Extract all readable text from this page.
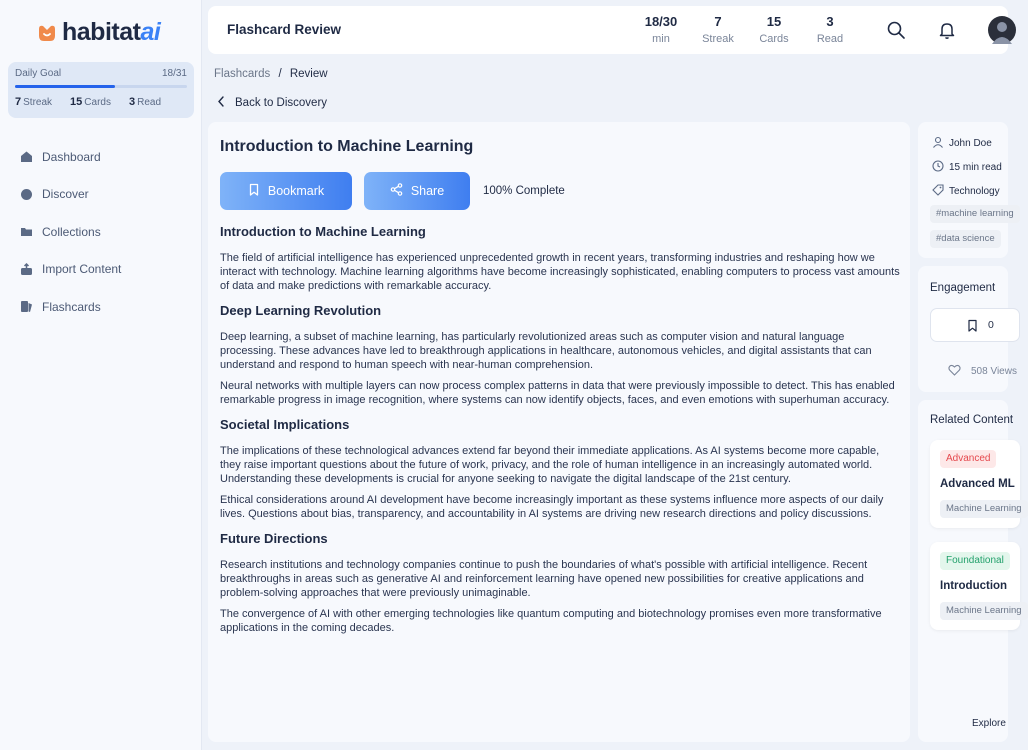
habitatai
Daily Goal	18/31
7 Streak 15 Cards 3 Read
Dashboard
Discover
Collections
Import Content
Flashcards
Flashcard Review
18/30
min
7
Streak
15
Cards
3
Read
Flashcards / Review
Back to Discovery
Introduction to Machine Learning
Bookmark	Share	100% Complete
Introduction to Machine Learning

The field of artificial intelligence has experienced unprecedented growth in recent years, transforming industries and reshaping how we interact with technology. Machine learning algorithms have become increasingly sophisticated, enabling computers to process vast amounts of data and make predictions with remarkable accuracy.

Deep Learning Revolution

Deep learning, a subset of machine learning, has particularly revolutionized areas such as computer vision and natural language processing. These advances have led to breakthrough applications in healthcare, autonomous vehicles, and digital assistants that can understand and respond to human speech with near-human comprehension.

Neural networks with multiple layers can now process complex patterns in data that were previously impossible to detect. This has enabled remarkable progress in image recognition, where systems can now identify objects, faces, and even emotions with superhuman accuracy.

Societal Implications

The implications of these technological advances extend far beyond their immediate applications. As AI systems become more capable, they raise important questions about the future of work, privacy, and the role of human intelligence in an increasingly automated world. Understanding these developments is crucial for anyone seeking to navigate the digital landscape of the 21st century.

Ethical considerations around AI development have become increasingly important as these systems influence more aspects of our daily lives. Questions about bias, transparency, and accountability in AI systems are driving new research directions and policy discussions.

Future Directions

Research institutions and technology companies continue to push the boundaries of what's possible with artificial intelligence. Recent breakthroughs in areas such as generative AI and reinforcement learning have opened new possibilities for creative applications and problem-solving approaches that were previously unimaginable.

The convergence of AI with other emerging technologies like quantum computing and biotechnology promises even more transformative applications in the coming decades.

John Doe
15 min read
Technology
#machine learning
#data science
Engagement
0
508 Views
Related Content
Advanced
Advanced ML
Machine Learning
Foundational
Introduction
Machine Learning
Explore
